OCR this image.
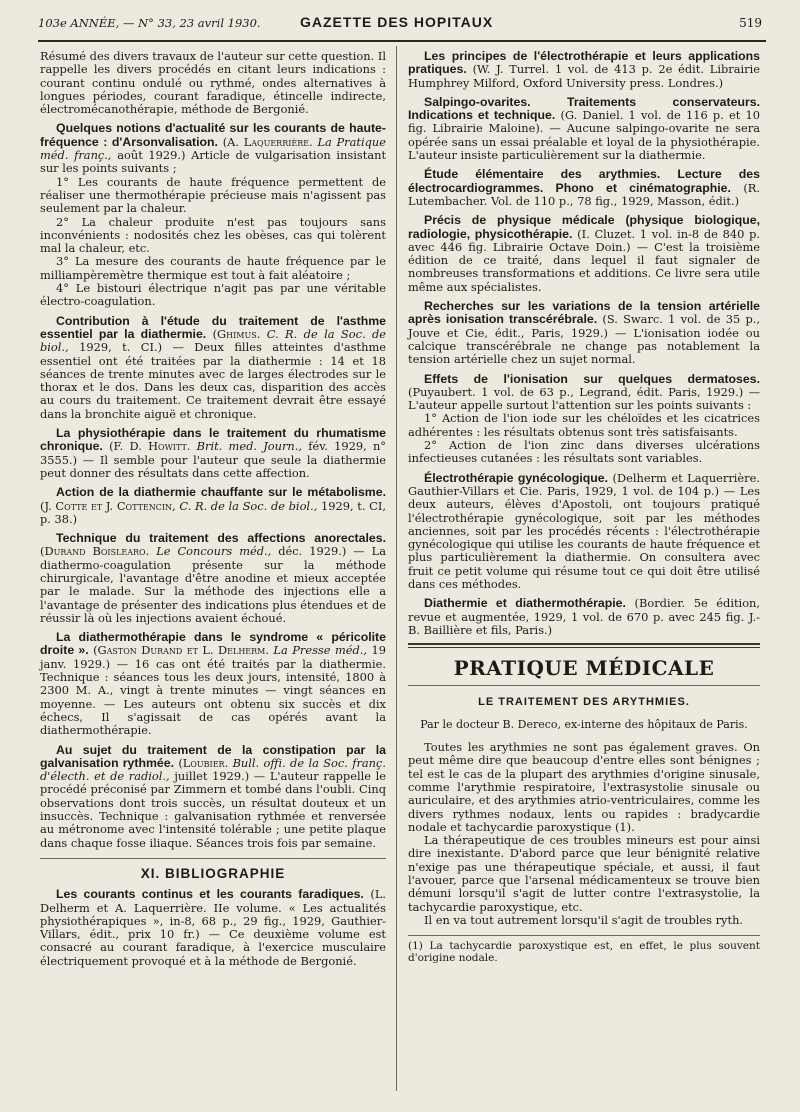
103e ANNÉE, — N° 33, 23 avril 1930.	GAZETTE DES HOPITAUX	519

Résumé des divers travaux de l'auteur sur cette question. Il rappelle les divers procédés en citant leurs indications : courant continu ondulé ou rythmé, ondes alternatives à longues périodes, courant faradique, étincelle indirecte, électromécanothérapie, méthode de Bergonié.

Quelques notions d'actualité sur les courants de haute-fréquence : d'Arsonvalisation. (A. Laquerrière. La Pratique méd. franç., août 1929.) Article de vulgarisation insistant sur les points suivants ;

1° Les courants de haute fréquence permettent de réaliser une thermothérapie précieuse mais n'agissent pas seulement par la chaleur.

2° La chaleur produite n'est pas toujours sans inconvénients : nodosités chez les obèses, cas qui tolèrent mal la chaleur, etc.

3° La mesure des courants de haute fréquence par le milliampèremètre thermique est tout à fait aléatoire ;

4° Le bistouri électrique n'agit pas par une véritable électro-coagulation.

Contribution à l'étude du traitement de l'asthme essentiel par la diathermie. (Ghimus. C. R. de la Soc. de biol., 1929, t. CI.) — Deux filles atteintes d'asthme essentiel ont été traitées par la diathermie : 14 et 18 séances de trente minutes avec de larges électrodes sur le thorax et le dos. Dans les deux cas, disparition des accès au cours du traitement. Ce traitement devrait être essayé dans la bronchite aiguë et chronique.

La physiothérapie dans le traitement du rhumatisme chronique. (F. D. Howitt. Brit. med. Journ., fév. 1929, n° 3555.) — Il semble pour l'auteur que seule la diathermie peut donner des résultats dans cette affection.

Action de la diathermie chauffante sur le métabolisme. (J. Cotte et J. Cottencin, C. R. de la Soc. de biol., 1929, t. CI, p. 38.)

Technique du traitement des affections anorectales. (Durand Boislearo. Le Concours méd., déc. 1929.) — La diathermo-coagulation présente sur la méthode chirurgicale, l'avantage d'être anodine et mieux acceptée par le malade. Sur la méthode des injections elle a l'avantage de présenter des indications plus étendues et de réussir là où les injections avaient échoué.

La diathermothérapie dans le syndrome « péricolite droite ». (Gaston Durand et L. Delherm. La Presse méd., 19 janv. 1929.) — 16 cas ont été traités par la diathermie. Technique : séances tous les deux jours, intensité, 1800 à 2300 M. A., vingt à trente minutes — vingt séances en moyenne. — Les auteurs ont obtenu six succès et dix échecs, Il s'agissait de cas opérés avant la diathermothérapie.

Au sujet du traitement de la constipation par la galvanisation rythmée. (Loubier. Bull. offi. de la Soc. franç. d'électh. et de radiol., juillet 1929.) — L'auteur rappelle le procédé préconisé par Zimmern et tombé dans l'oubli. Cinq observations dont trois succès, un résultat douteux et un insuccès. Technique : galvanisation rythmée et renversée au métronome avec l'intensité tolérable ; une petite plaque dans chaque fosse iliaque. Séances trois fois par semaine.

XI. BIBLIOGRAPHIE

Les courants continus et les courants faradiques. (L. Delherm et A. Laquerrière. IIe volume. « Les actualités physiothérapiques », in-8, 68 p., 29 fig., 1929, Gauthier-Villars, édit., prix 10 fr.) — Ce deuxième volume est consacré au courant faradique, à l'exercice musculaire électriquement provoqué et à la méthode de Bergonié.

Les principes de l'électrothérapie et leurs applications pratiques. (W. J. Turrel. 1 vol. de 413 p. 2e édit. Librairie Humphrey Milford, Oxford University press. Londres.)

Salpingo-ovarites. Traitements conservateurs. Indications et technique. (G. Daniel. 1 vol. de 116 p. et 10 fig. Librairie Maloine). — Aucune salpingo-ovarite ne sera opérée sans un essai préalable et loyal de la physiothérapie. L'auteur insiste particulièrement sur la diathermie.

Étude élémentaire des arythmies. Lecture des électrocardiogrammes. Phono et cinématographie. (R. Lutembacher. Vol. de 110 p., 78 fig., 1929, Masson, édit.)

Précis de physique médicale (physique biologique, radiologie, physicothérapie. (I. Cluzet. 1 vol. in-8 de 840 p. avec 446 fig. Librairie Octave Doin.) — C'est la troisième édition de ce traité, dans lequel il faut signaler de nombreuses transformations et additions. Ce livre sera utile même aux spécialistes.

Recherches sur les variations de la tension artérielle après ionisation transcérébrale. (S. Swarc. 1 vol. de 35 p., Jouve et Cie, édit., Paris, 1929.) — L'ionisation iodée ou calcique transcérébrale ne change pas notablement la tension artérielle chez un sujet normal.

Effets de l'ionisation sur quelques dermatoses. (Puyaubert. 1 vol. de 63 p., Legrand, édit. Paris, 1929.) — L'auteur appelle surtout l'attention sur les points suivants :

1° Action de l'ion iode sur les chéloïdes et les cicatrices adhérentes : les résultats obtenus sont très satisfaisants.

2° Action de l'ion zinc dans diverses ulcérations infectieuses cutanées : les résultats sont variables.

Électrothérapie gynécologique. (Delherm et Laquerrière. Gauthier-Villars et Cie. Paris, 1929, 1 vol. de 104 p.) — Les deux auteurs, élèves d'Apostoli, ont toujours pratiqué l'électrothérapie gynécologique, soit par les méthodes anciennes, soit par les procédés récents : l'électrothérapie gynécologique qui utilise les courants de haute fréquence et plus particulièrement la diathermie. On consultera avec fruit ce petit volume qui résume tout ce qui doit être utilisé dans ces méthodes.

Diathermie et diathermothérapie. (Bordier. 5e édition, revue et augmentée, 1929, 1 vol. de 670 p. avec 245 fig. J.-B. Baillière et fils, Paris.)

PRATIQUE MÉDICALE
LE TRAITEMENT DES ARYTHMIES.
Par le docteur B. Dereco, ex-interne des hôpitaux de Paris.

Toutes les arythmies ne sont pas également graves. On peut même dire que beaucoup d'entre elles sont bénignes ; tel est le cas de la plupart des arythmies d'origine sinusale, comme l'arythmie respiratoire, l'extrasystolie sinusale ou auriculaire, et des arythmies atrio-ventriculaires, comme les divers rythmes nodaux, lents ou rapides : bradycardie nodale et tachycardie paroxystique (1).

La thérapeutique de ces troubles mineurs est pour ainsi dire inexistante. D'abord parce que leur bénignité relative n'exige pas une thérapeutique spéciale, et aussi, il faut l'avouer, parce que l'arsenal médicamenteux se trouve bien démuni lorsqu'il s'agit de lutter contre l'extrasystolie, la tachycardie paroxystique, etc.

Il en va tout autrement lorsqu'il s'agit de troubles ryth.

(1) La tachycardie paroxystique est, en effet, le plus souvent d'origine nodale.
